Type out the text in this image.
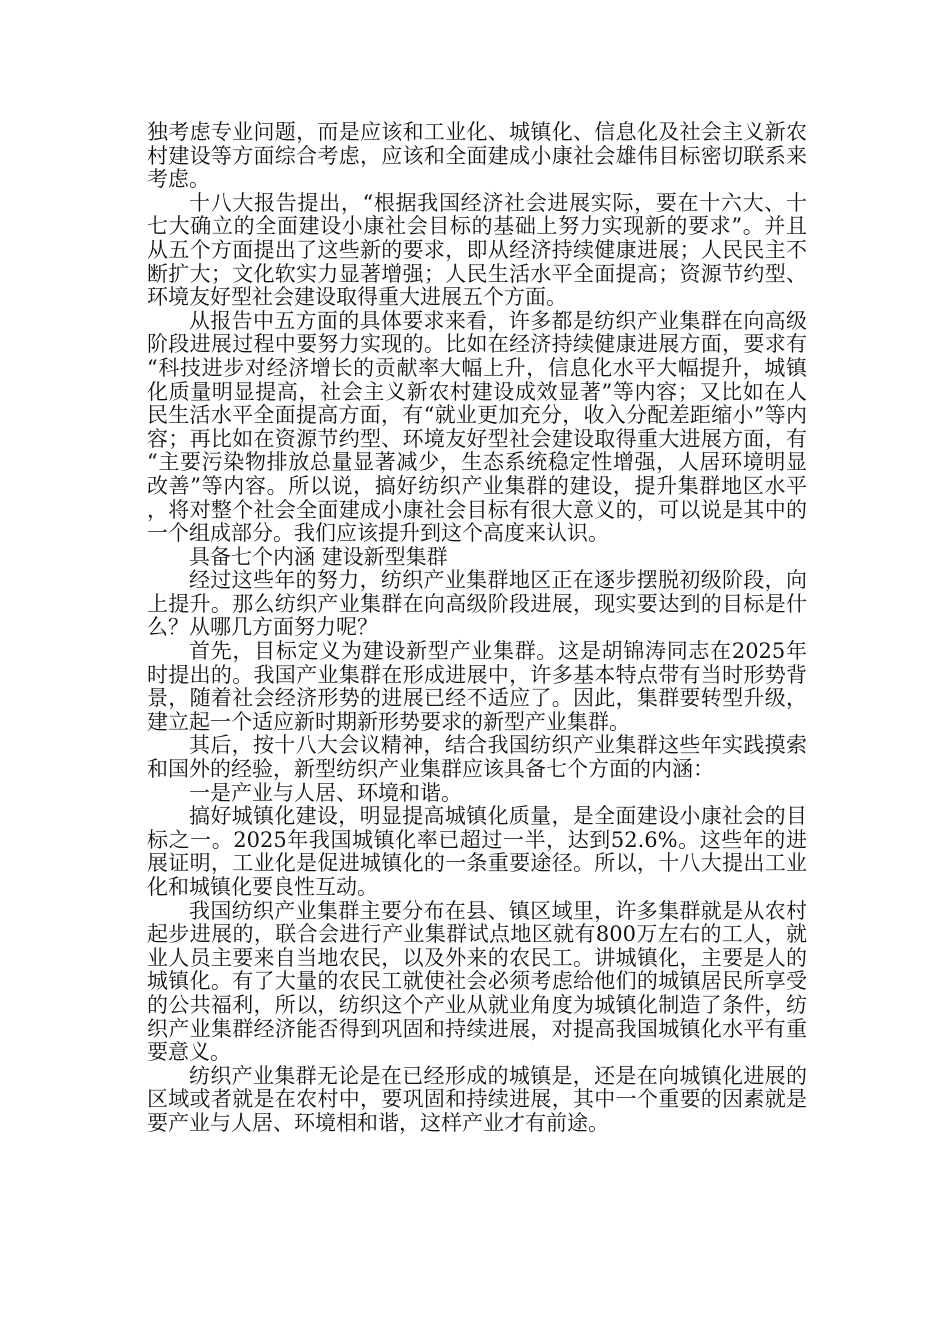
独考虑专业问题，而是应该和工业化、城镇化、信息化及社会主义新农村建设等方面综合考虑，应该和全面建成小康社会雄伟目标密切联系来考虑。

十八大报告提出，“根据我国经济社会进展实际，要在十六大、十七大确立的全面建设小康社会目标的基础上努力实现新的要求”。并且从五个方面提出了这些新的要求，即从经济持续健康进展；人民民主不断扩大；文化软实力显著增强；人民生活水平全面提高；资源节约型、环境友好型社会建设取得重大进展五个方面。

从报告中五方面的具体要求来看，许多都是纺织产业集群在向高级阶段进展过程中要努力实现的。比如在经济持续健康进展方面，要求有“科技进步对经济增长的贡献率大幅上升，信息化水平大幅提升，城镇化质量明显提高，社会主义新农村建设成效显著”等内容；又比如在人民生活水平全面提高方面，有“就业更加充分，收入分配差距缩小”等内容；再比如在资源节约型、环境友好型社会建设取得重大进展方面，有“主要污染物排放总量显著减少，生态系统稳定性增强，人居环境明显改善”等内容。所以说，搞好纺织产业集群的建设，提升集群地区水平，将对整个社会全面建成小康社会目标有很大意义的，可以说是其中的一个组成部分。我们应该提升到这个高度来认识。

具备七个内涵 建设新型集群

经过这些年的努力，纺织产业集群地区正在逐步摆脱初级阶段，向上提升。那么纺织产业集群在向高级阶段进展，现实要达到的目标是什么？从哪几方面努力呢？

首先，目标定义为建设新型产业集群。这是胡锦涛同志在2025年时提出的。我国产业集群在形成进展中，许多基本特点带有当时形势背景，随着社会经济形势的进展已经不适应了。因此，集群要转型升级，建立起一个适应新时期新形势要求的新型产业集群。

其后，按十八大会议精神，结合我国纺织产业集群这些年实践摸索和国外的经验，新型纺织产业集群应该具备七个方面的内涵：

一是产业与人居、环境和谐。

搞好城镇化建设，明显提高城镇化质量，是全面建设小康社会的目标之一。2025年我国城镇化率已超过一半，达到52.6%。这些年的进展证明，工业化是促进城镇化的一条重要途径。所以，十八大提出工业化和城镇化要良性互动。

我国纺织产业集群主要分布在县、镇区域里，许多集群就是从农村起步进展的，联合会进行产业集群试点地区就有800万左右的工人，就业人员主要来自当地农民，以及外来的农民工。讲城镇化，主要是人的城镇化。有了大量的农民工就使社会必须考虑给他们的城镇居民所享受的公共福利，所以，纺织这个产业从就业角度为城镇化制造了条件，纺织产业集群经济能否得到巩固和持续进展，对提高我国城镇化水平有重要意义。

纺织产业集群无论是在已经形成的城镇是，还是在向城镇化进展的区域或者就是在农村中，要巩固和持续进展，其中一个重要的因素就是要产业与人居、环境相和谐，这样产业才有前途。
